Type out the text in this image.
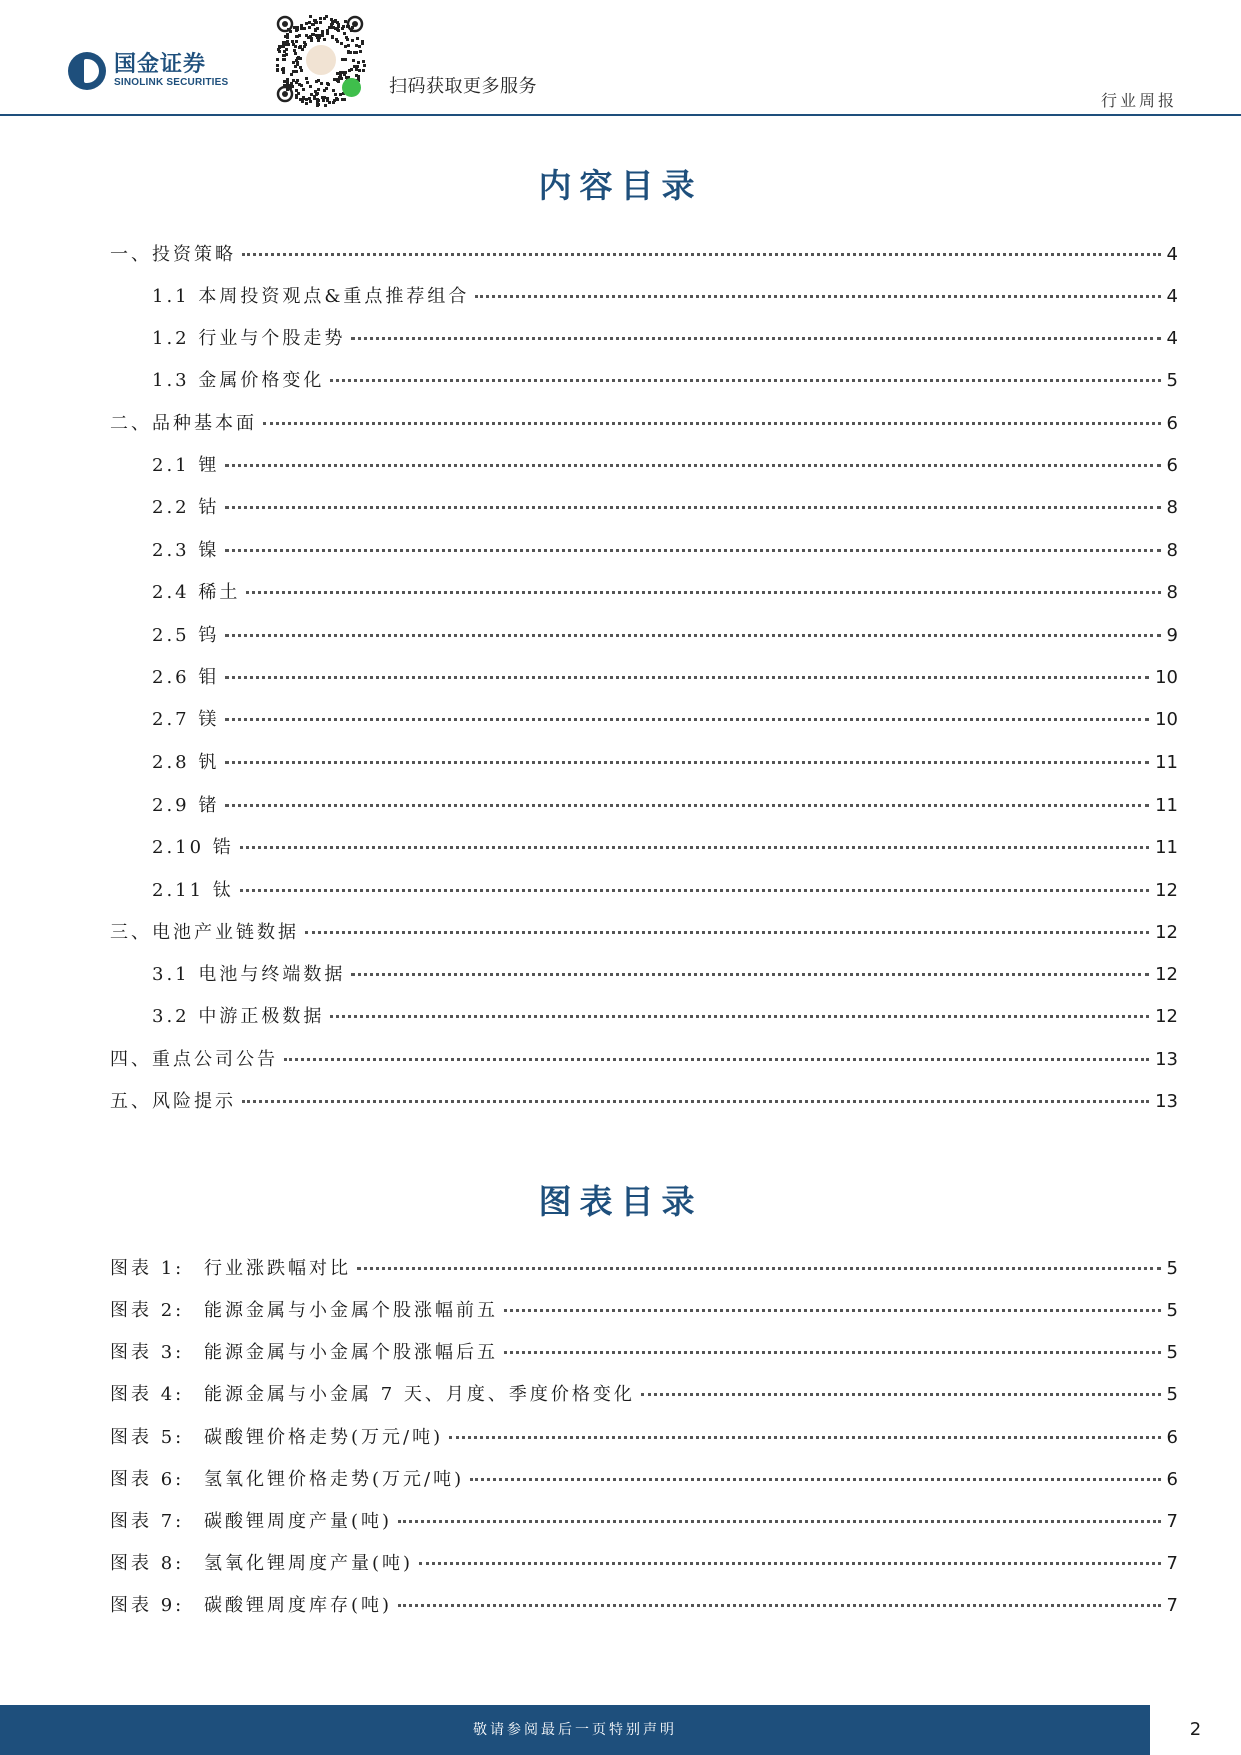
国金证券
SINOLINK SECURITIES	扫码获取更多服务
行业周报
内容目录
一、投资策略	4
1.1 本周投资观点&重点推荐组合	4
1.2 行业与个股走势	4
1.3 金属价格变化	5
二、品种基本面	6
2.1 锂	6
2.2 钴	8
2.3 镍	8
2.4 稀土	8
2.5 钨	9
2.6 钼	10
2.7 镁	10
2.8 钒	11
2.9 锗	11
2.10 锆	11
2.11 钛	12
三、电池产业链数据	12
3.1 电池与终端数据	12
3.2 中游正极数据	12
四、重点公司公告	13
五、风险提示	13
图表目录
图表 1:	行业涨跌幅对比	5
图表 2:	能源金属与小金属个股涨幅前五	5
图表 3:	能源金属与小金属个股涨幅后五	5
图表 4:	能源金属与小金属 7 天、月度、季度价格变化	5
图表 5:	碳酸锂价格走势(万元/吨)	6
图表 6:	氢氧化锂价格走势(万元/吨)	6
图表 7:	碳酸锂周度产量(吨)	7
图表 8:	氢氧化锂周度产量(吨)	7
图表 9:	碳酸锂周度库存(吨)	7
敬请参阅最后一页特别声明	2
